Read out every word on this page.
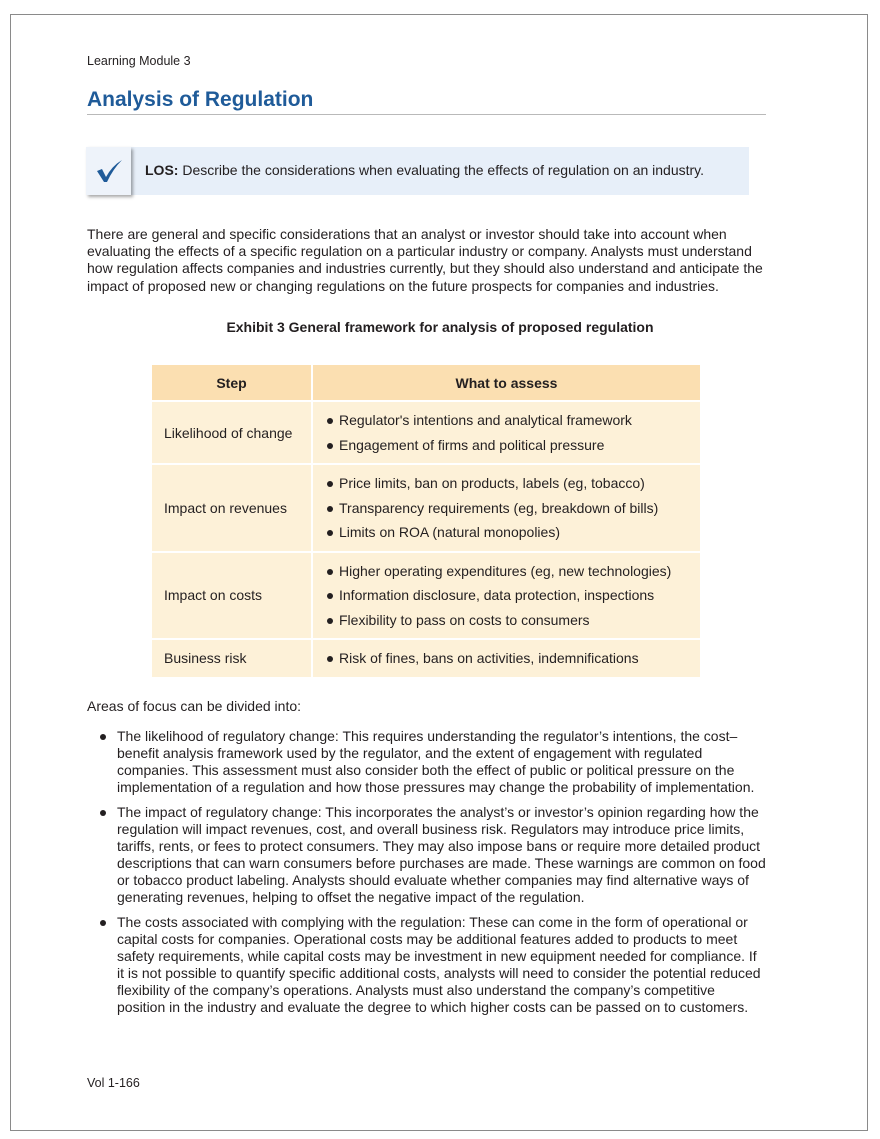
Learning Module 3
Analysis of Regulation
LOS: Describe the considerations when evaluating the effects of regulation on an industry.

There are general and specific considerations that an analyst or investor should take into account when evaluating the effects of a specific regulation on a particular industry or company. Analysts must understand how regulation affects companies and industries currently, but they should also understand and anticipate the impact of proposed new or changing regulations on the future prospects for companies and industries.

Exhibit 3 General framework for analysis of proposed regulation
Step	What to assess
Likelihood of change	Regulator's intentions and analytical framework
Engagement of firms and political pressure

Impact on revenues	Price limits, ban on products, labels (eg, tobacco)
Transparency requirements (eg, breakdown of bills)
Limits on ROA (natural monopolies)

Impact on costs	Higher operating expenditures (eg, new technologies)
Information disclosure, data protection, inspections
Flexibility to pass on costs to consumers

Business risk	Risk of fines, bans on activities, indemnifications
Areas of focus can be divided into:
The likelihood of regulatory change: This requires understanding the regulator’s intentions, the cost–benefit analysis framework used by the regulator, and the extent of engagement with regulated companies. This assessment must also consider both the effect of public or political pressure on the implementation of a regulation and how those pressures may change the probability of implementation.
The impact of regulatory change: This incorporates the analyst’s or investor’s opinion regarding how the regulation will impact revenues, cost, and overall business risk. Regulators may introduce price limits, tariffs, rents, or fees to protect consumers. They may also impose bans or require more detailed product descriptions that can warn consumers before purchases are made. These warnings are common on food or tobacco product labeling. Analysts should evaluate whether companies may find alternative ways of generating revenues, helping to offset the negative impact of the regulation.
The costs associated with complying with the regulation: These can come in the form of operational or capital costs for companies. Operational costs may be additional features added to products to meet safety requirements, while capital costs may be investment in new equipment needed for compliance. If it is not possible to quantify specific additional costs, analysts will need to consider the potential reduced flexibility of the company’s operations. Analysts must also understand the company’s competitive position in the industry and evaluate the degree to which higher costs can be passed on to customers.
Vol 1-166
